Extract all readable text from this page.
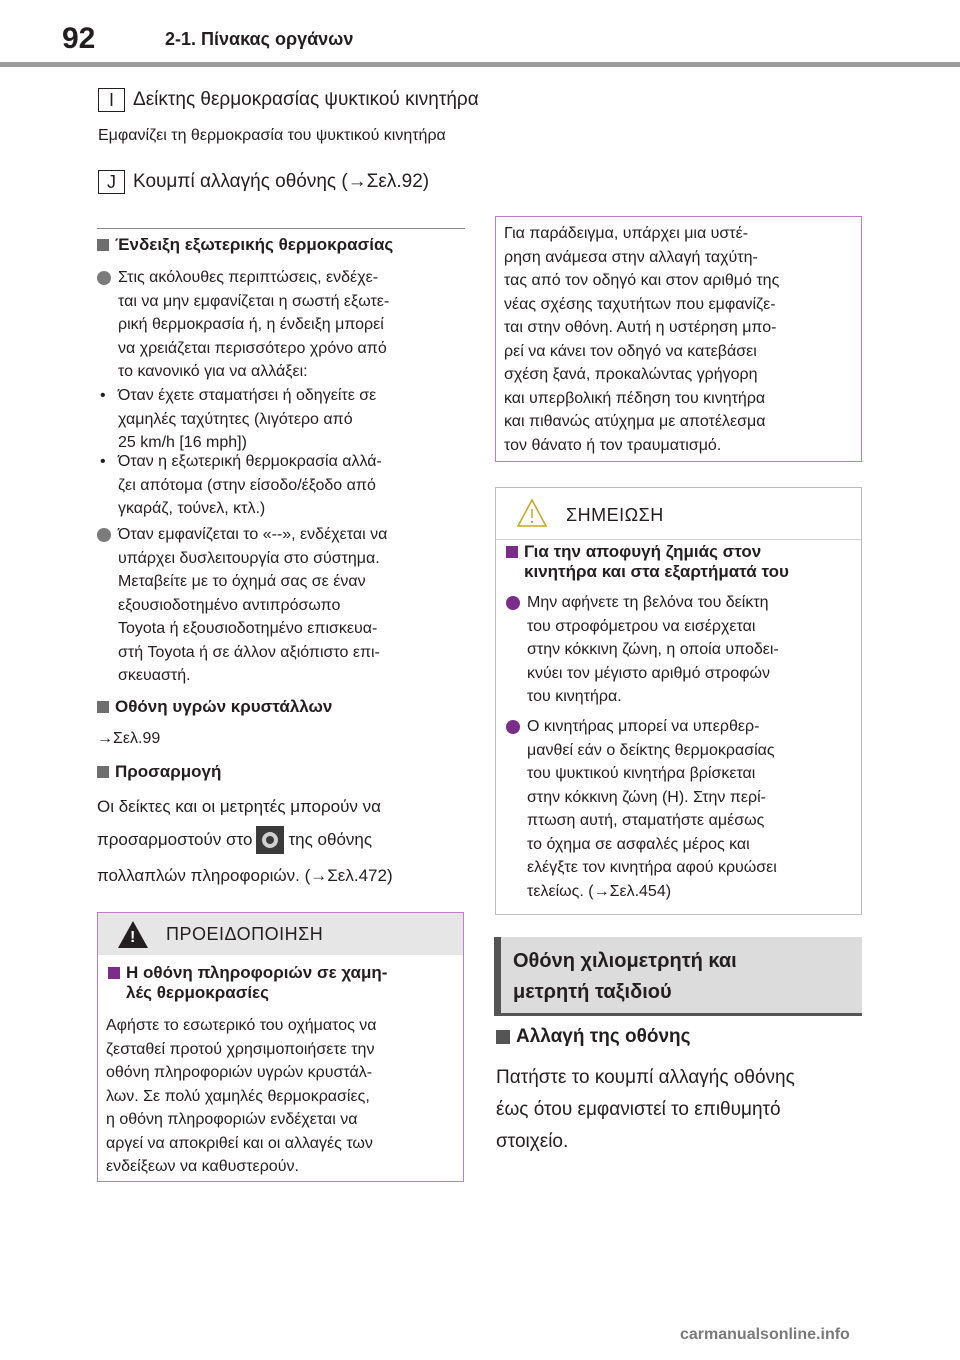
92	2-1. Πίνακας οργάνων
I	Δείκτης θερμοκρασίας ψυκτικού κινητήρα
Εμφανίζει τη θερμοκρασία του ψυκτικού κινητήρα
J Κουμπί αλλαγής οθόνης (→Σελ.92)
Ένδειξη εξωτερικής θερμοκρασίας
Στις ακόλουθες περιπτώσεις, ενδέχε-
ται να μην εμφανίζεται η σωστή εξωτε-
ρική θερμοκρασία ή, η ένδειξη μπορεί
να χρειάζεται περισσότερο χρόνο από
το κανονικό για να αλλάξει:
• Όταν έχετε σταματήσει ή οδηγείτε σε
χαμηλές ταχύτητες (λιγότερο από
25 km/h [16 mph])
• Όταν η εξωτερική θερμοκρασία αλλά-
ζει απότομα (στην είσοδο/έξοδο από
γκαράζ, τούνελ, κτλ.)
Όταν εμφανίζεται το «--», ενδέχεται να
υπάρχει δυσλειτουργία στο σύστημα.
Μεταβείτε με το όχημά σας σε έναν
εξουσιοδοτημένο αντιπρόσωπο
Toyota ή εξουσιοδοτημένο επισκευα-
στή Toyota ή σε άλλον αξιόπιστο επι-
σκευαστή.
Οθόνη υγρών κρυστάλλων
→Σελ.99
Προσαρμογή
Οι δείκτες και οι μετρητές μπορούν να
προσαρμοστούν στο της οθόνης
πολλαπλών πληροφοριών. (→Σελ.472)
!
ΠΡΟΕΙΔΟΠΟΙΗΣΗ
Η οθόνη πληροφοριών σε χαμη-
λές θερμοκρασίες
Αφήστε το εσωτερικό του οχήματος να
ζεσταθεί προτού χρησιμοποιήσετε την
οθόνη πληροφοριών υγρών κρυστάλ-
λων. Σε πολύ χαμηλές θερμοκρασίες,
η οθόνη πληροφοριών ενδέχεται να
αργεί να αποκριθεί και οι αλλαγές των
ενδείξεων να καθυστερούν.
Για παράδειγμα, υπάρχει μια υστέ-
ρηση ανάμεσα στην αλλαγή ταχύτη-
τας από τον οδηγό και στον αριθμό της
νέας σχέσης ταχυτήτων που εμφανίζε-
ται στην οθόνη. Αυτή η υστέρηση μπο-
ρεί να κάνει τον οδηγό να κατεβάσει
σχέση ξανά, προκαλώντας γρήγορη
και υπερβολική πέδηση του κινητήρα
και πιθανώς ατύχημα με αποτέλεσμα
τον θάνατο ή τον τραυματισμό.
ΣΗΜΕΙΩΣΗ
Για την αποφυγή ζημιάς στον
κινητήρα και στα εξαρτήματά του
Μην αφήνετε τη βελόνα του δείκτη
του στροφόμετρου να εισέρχεται
στην κόκκινη ζώνη, η οποία υποδει-
κνύει τον μέγιστο αριθμό στροφών
του κινητήρα.
Ο κινητήρας μπορεί να υπερθερ-
μανθεί εάν ο δείκτης θερμοκρασίας
του ψυκτικού κινητήρα βρίσκεται
στην κόκκινη ζώνη (H). Στην περί-
πτωση αυτή, σταματήστε αμέσως
το όχημα σε ασφαλές μέρος και
ελέγξτε τον κινητήρα αφού κρυώσει
τελείως. (→Σελ.454)
Οθόνη χιλιομετρητή και
μετρητή ταξιδιού
Αλλαγή της οθόνης
Πατήστε το κουμπί αλλαγής οθόνης
έως ότου εμφανιστεί το επιθυμητό
στοιχείο.
carmanualsonline.info
